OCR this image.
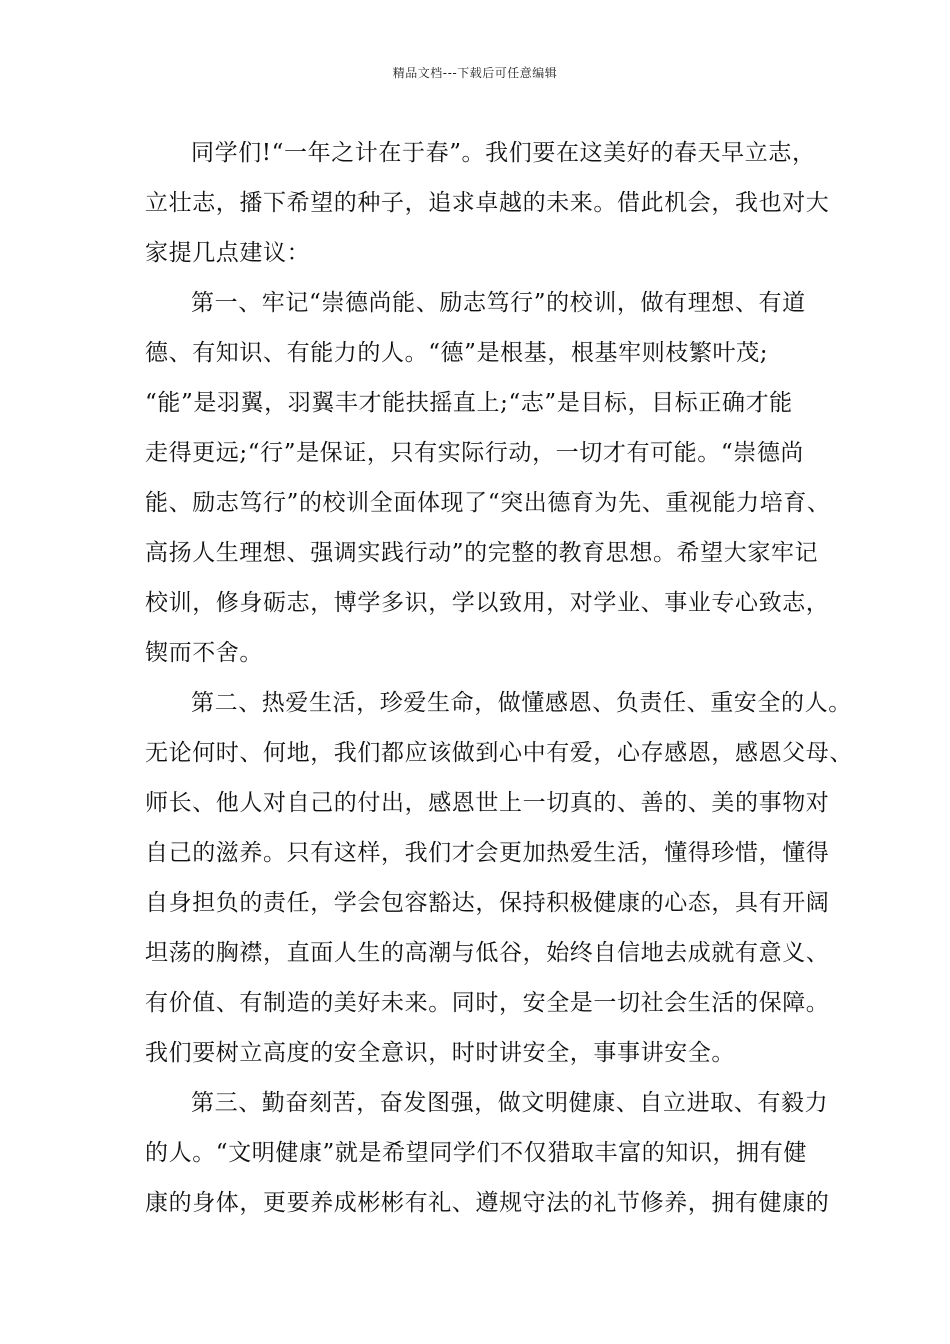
精品文档---下载后可任意编辑
同学们!“一年之计在于春”。我们要在这美好的春天早立志，
立壮志，播下希望的种子，追求卓越的未来。借此机会，我也对大
家提几点建议：
第一、牢记“崇德尚能、励志笃行”的校训，做有理想、有道
德、有知识、有能力的人。“德”是根基，根基牢则枝繁叶茂;
“能”是羽翼，羽翼丰才能扶摇直上;“志”是目标，目标正确才能
走得更远;“行”是保证，只有实际行动，一切才有可能。“崇德尚
能、励志笃行”的校训全面体现了“突出德育为先、重视能力培育、
高扬人生理想、强调实践行动”的完整的教育思想。希望大家牢记
校训，修身砺志，博学多识，学以致用，对学业、事业专心致志，
锲而不舍。
第二、热爱生活，珍爱生命，做懂感恩、负责任、重安全的人。
无论何时、何地，我们都应该做到心中有爱，心存感恩，感恩父母、
师长、他人对自己的付出，感恩世上一切真的、善的、美的事物对
自己的滋养。只有这样，我们才会更加热爱生活，懂得珍惜，懂得
自身担负的责任，学会包容豁达，保持积极健康的心态，具有开阔
坦荡的胸襟，直面人生的高潮与低谷，始终自信地去成就有意义、
有价值、有制造的美好未来。同时，安全是一切社会生活的保障。
我们要树立高度的安全意识，时时讲安全，事事讲安全。
第三、勤奋刻苦，奋发图强，做文明健康、自立进取、有毅力
的人。“文明健康”就是希望同学们不仅猎取丰富的知识，拥有健
康的身体，更要养成彬彬有礼、遵规守法的礼节修养，拥有健康的
